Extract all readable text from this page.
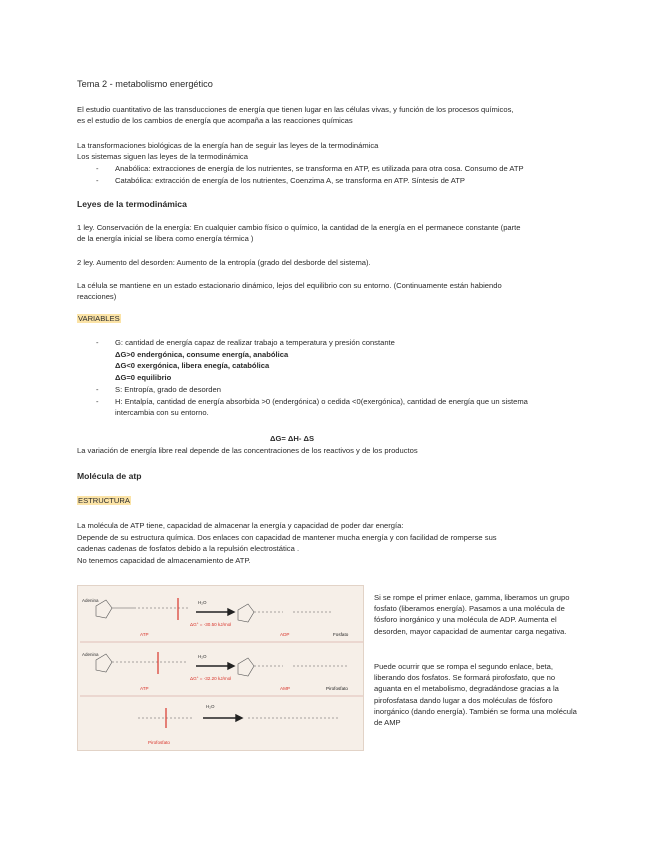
Tema 2 - metabolismo energético
El estudio cuantitativo de las transducciones de energía que tienen lugar en las células vivas, y función de los procesos químicos,
es el estudio de los cambios de energía que acompaña a las reacciones químicas
La transformaciones biológicas de la energía han de seguir las leyes de la termodinámica
Los sistemas siguen las leyes de la termodinámica
- Anabólica: extracciones de energía de los nutrientes, se transforma en ATP, es utilizada para otra cosa. Consumo de ATP
- Catabólica: extracción de energía de los nutrientes, Coenzima A, se transforma en ATP. Síntesis de ATP
Leyes de la termodinámica
1 ley. Conservación de la energía: En cualquier cambio físico o químico, la cantidad de la energía en el permanece constante (parte
de la energía inicial se libera como energía térmica )
2 ley. Aumento del desorden: Aumento de la entropía (grado del desborde del sistema).
La célula se mantiene en un estado estacionario dinámico, lejos del equilibrio con su entorno. (Continuamente están habiendo
reacciones)
VARIABLES
- G: cantidad de energía capaz de realizar trabajo a temperatura y presión constante
ΔG>0 endergónica, consume energía, anabólica
ΔG<0 exergónica, libera enegía, catabólica
ΔG=0 equilibrio
- S: Entropía, grado de desorden
- H: Entalpía, cantidad de energía absorbida >0 (endergónica) o cedida <0(exergónica), cantidad de energía que un sistema
intercambia con su entorno.
ΔG= ΔH- ΔS
La variación de energía libre real depende de las concentraciones de los reactivos y de los productos
Molécula de atp
ESTRUCTURA
La molécula de ATP tiene, capacidad de almacenar la energía y capacidad de poder dar energía:
Depende de su estructura química. Dos enlaces con capacidad de mantener mucha energía y con facilidad de romperse sus
cadenas cadenas de fosfatos debido a la repulsión electrostática .
No tenemos capacidad de almacenamiento de ATP.
Adenina
Adenina
H₂O
H₂O
H₂O
ATP	ADP
ATP	AMP
Pirofosfato
ΔG° = -30.50 kJ/mol
ΔG° = -32.20 kJ/mol
Fosfato
Pirofosfato
Si se rompe el primer enlace, gamma, liberamos un grupo fosfato (liberamos energía). Pasamos a una molécula de fósforo inorgánico y una molécula de ADP. Aumenta el desorden, mayor capacidad de aumentar carga negativa.
Puede ocurrir que se rompa el segundo enlace, beta, liberando dos fosfatos. Se formará pirofosfato, que no aguanta en el metabolismo, degradándose gracias a la pirofosfatasa dando lugar a dos moléculas de fósforo inorgánico (dando energía). También se forma una molécula de AMP
